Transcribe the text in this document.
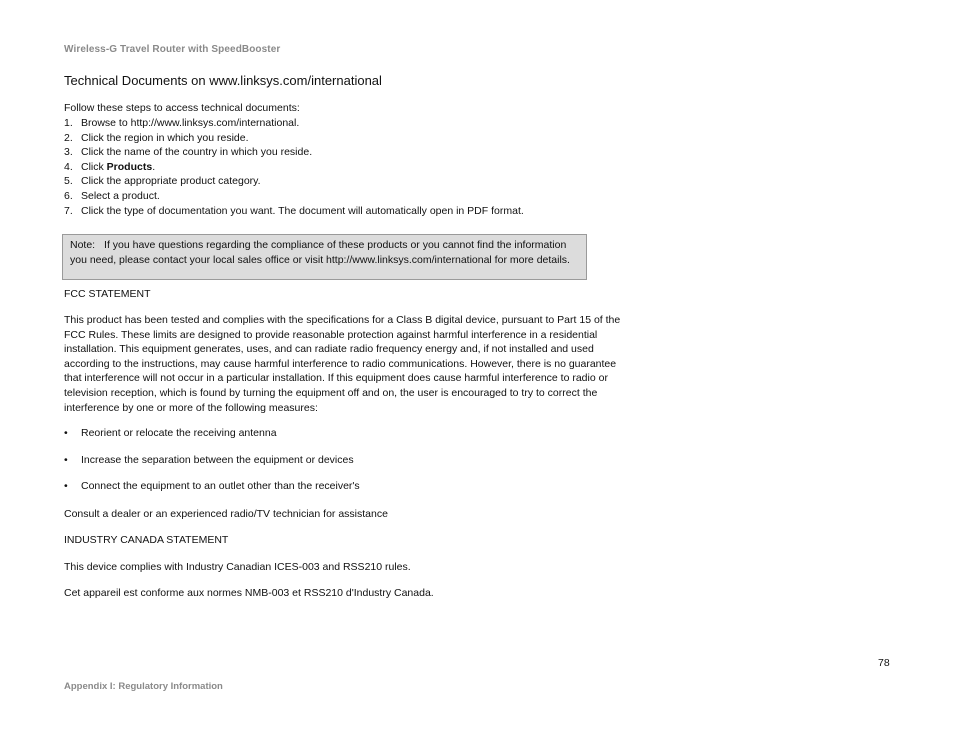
Wireless-G Travel Router with SpeedBooster
Technical Documents on www.linksys.com/international
Follow these steps to access technical documents:
1. Browse to http://www.linksys.com/international.
2. Click the region in which you reside.
3. Click the name of the country in which you reside.
4. Click Products.
5. Click the appropriate product category.
6. Select a product.
7. Click the type of documentation you want. The document will automatically open in PDF format.
Note: If you have questions regarding the compliance of these products or you cannot find the information you need, please contact your local sales office or visit http://www.linksys.com/international for more details.
FCC STATEMENT
This product has been tested and complies with the specifications for a Class B digital device, pursuant to Part 15 of the FCC Rules. These limits are designed to provide reasonable protection against harmful interference in a residential installation. This equipment generates, uses, and can radiate radio frequency energy and, if not installed and used according to the instructions, may cause harmful interference to radio communications. However, there is no guarantee that interference will not occur in a particular installation. If this equipment does cause harmful interference to radio or television reception, which is found by turning the equipment off and on, the user is encouraged to try to correct the interference by one or more of the following measures:
• Reorient or relocate the receiving antenna
• Increase the separation between the equipment or devices
• Connect the equipment to an outlet other than the receiver's
Consult a dealer or an experienced radio/TV technician for assistance
INDUSTRY CANADA STATEMENT
This device complies with Industry Canadian ICES-003 and RSS210 rules.
Cet appareil est conforme aux normes NMB-003 et RSS210 d'Industry Canada.
78
Appendix I: Regulatory Information
